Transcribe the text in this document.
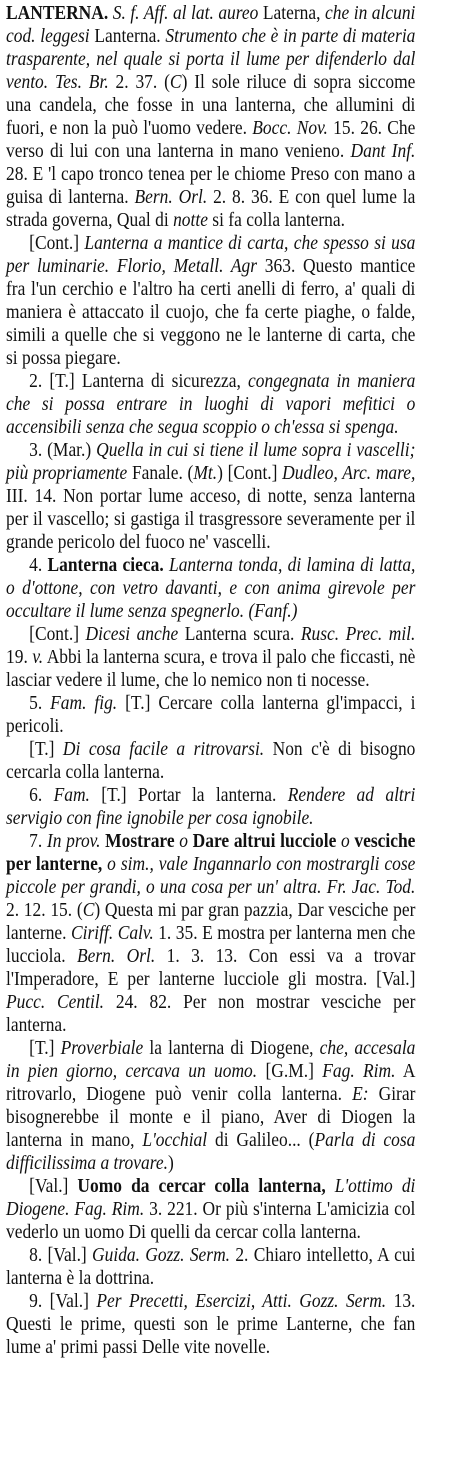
LANTERNA. S. f. Aff. al lat. aureo Laterna, che in alcuni cod. leggesi Lanterna. Strumento che è in parte di materia trasparente, nel quale si porta il lume per difenderlo dal vento. Tes. Br. 2. 37. (C) Il sole riluce di sopra siccome una candela, che fosse in una lanterna, che allumini di fuori, e non la può l'uomo vedere. Bocc. Nov. 15. 26. Che verso di lui con una lanterna in mano venieno. Dant Inf. 28. E 'l capo tronco tenea per le chiome Preso con mano a guisa di lanterna. Bern. Orl. 2. 8. 36. E con quel lume la strada governa, Qual di notte si fa colla lanterna.

[Cont.] Lanterna a mantice di carta, che spesso si usa per luminarie. Florio, Metall. Agr 363. Questo mantice fra l'un cerchio e l'altro ha certi anelli di ferro, a' quali di maniera è attaccato il cuojo, che fa certe piaghe, o falde, simili a quelle che si veggono ne le lanterne di carta, che si possa piegare.

2. [T.] Lanterna di sicurezza, congegnata in maniera che si possa entrare in luoghi di vapori mefitici o accensibili senza che segua scoppio o ch'essa si spenga.

3. (Mar.) Quella in cui si tiene il lume sopra i vascelli; più propriamente Fanale. (Mt.) [Cont.] Dudleo, Arc. mare, III. 14. Non portar lume acceso, di notte, senza lanterna per il vascello; si gastiga il trasgressore severamente per il grande pericolo del fuoco ne' vascelli.

4. Lanterna cieca. Lanterna tonda, di lamina di latta, o d'ottone, con vetro davanti, e con anima girevole per occultare il lume senza spegnerlo. (Fanf.)

[Cont.] Dicesi anche Lanterna scura. Rusc. Prec. mil. 19. v. Abbi la lanterna scura, e trova il palo che ficcasti, nè lasciar vedere il lume, che lo nemico non ti nocesse.

5. Fam. fig. [T.] Cercare colla lanterna gl'impacci, i pericoli.

[T.] Di cosa facile a ritrovarsi. Non c'è di bisogno cercarla colla lanterna.

6. Fam. [T.] Portar la lanterna. Rendere ad altri servigio con fine ignobile per cosa ignobile.

7. In prov. Mostrare o Dare altrui lucciole o vesciche per lanterne, o sim., vale Ingannarlo con mostrargli cose piccole per grandi, o una cosa per un' altra. Fr. Jac. Tod. 2. 12. 15. (C) Questa mi par gran pazzia, Dar vesciche per lanterne. Ciriff. Calv. 1. 35. E mostra per lanterna men che lucciola. Bern. Orl. 1. 3. 13. Con essi va a trovar l'Imperadore, E per lanterne lucciole gli mostra. [Val.] Pucc. Centil. 24. 82. Per non mostrar vesciche per lanterna.

[T.] Proverbiale la lanterna di Diogene, che, accesala in pien giorno, cercava un uomo. [G.M.] Fag. Rim. A ritrovarlo, Diogene può venir colla lanterna. E: Girar bisognerebbe il monte e il piano, Aver di Diogen la lanterna in mano, L'occhial di Galileo... (Parla di cosa difficilissima a trovare.)

[Val.] Uomo da cercar colla lanterna, L'ottimo di Diogene. Fag. Rim. 3. 221. Or più s'interna L'amicizia col vederlo un uomo Di quelli da cercar colla lanterna.

8. [Val.] Guida. Gozz. Serm. 2. Chiaro intelletto, A cui lanterna è la dottrina.

9. [Val.] Per Precetti, Esercizi, Atti. Gozz. Serm. 13. Questi le prime, questi son le prime Lanterne, che fan lume a' primi passi Delle vite novelle.
